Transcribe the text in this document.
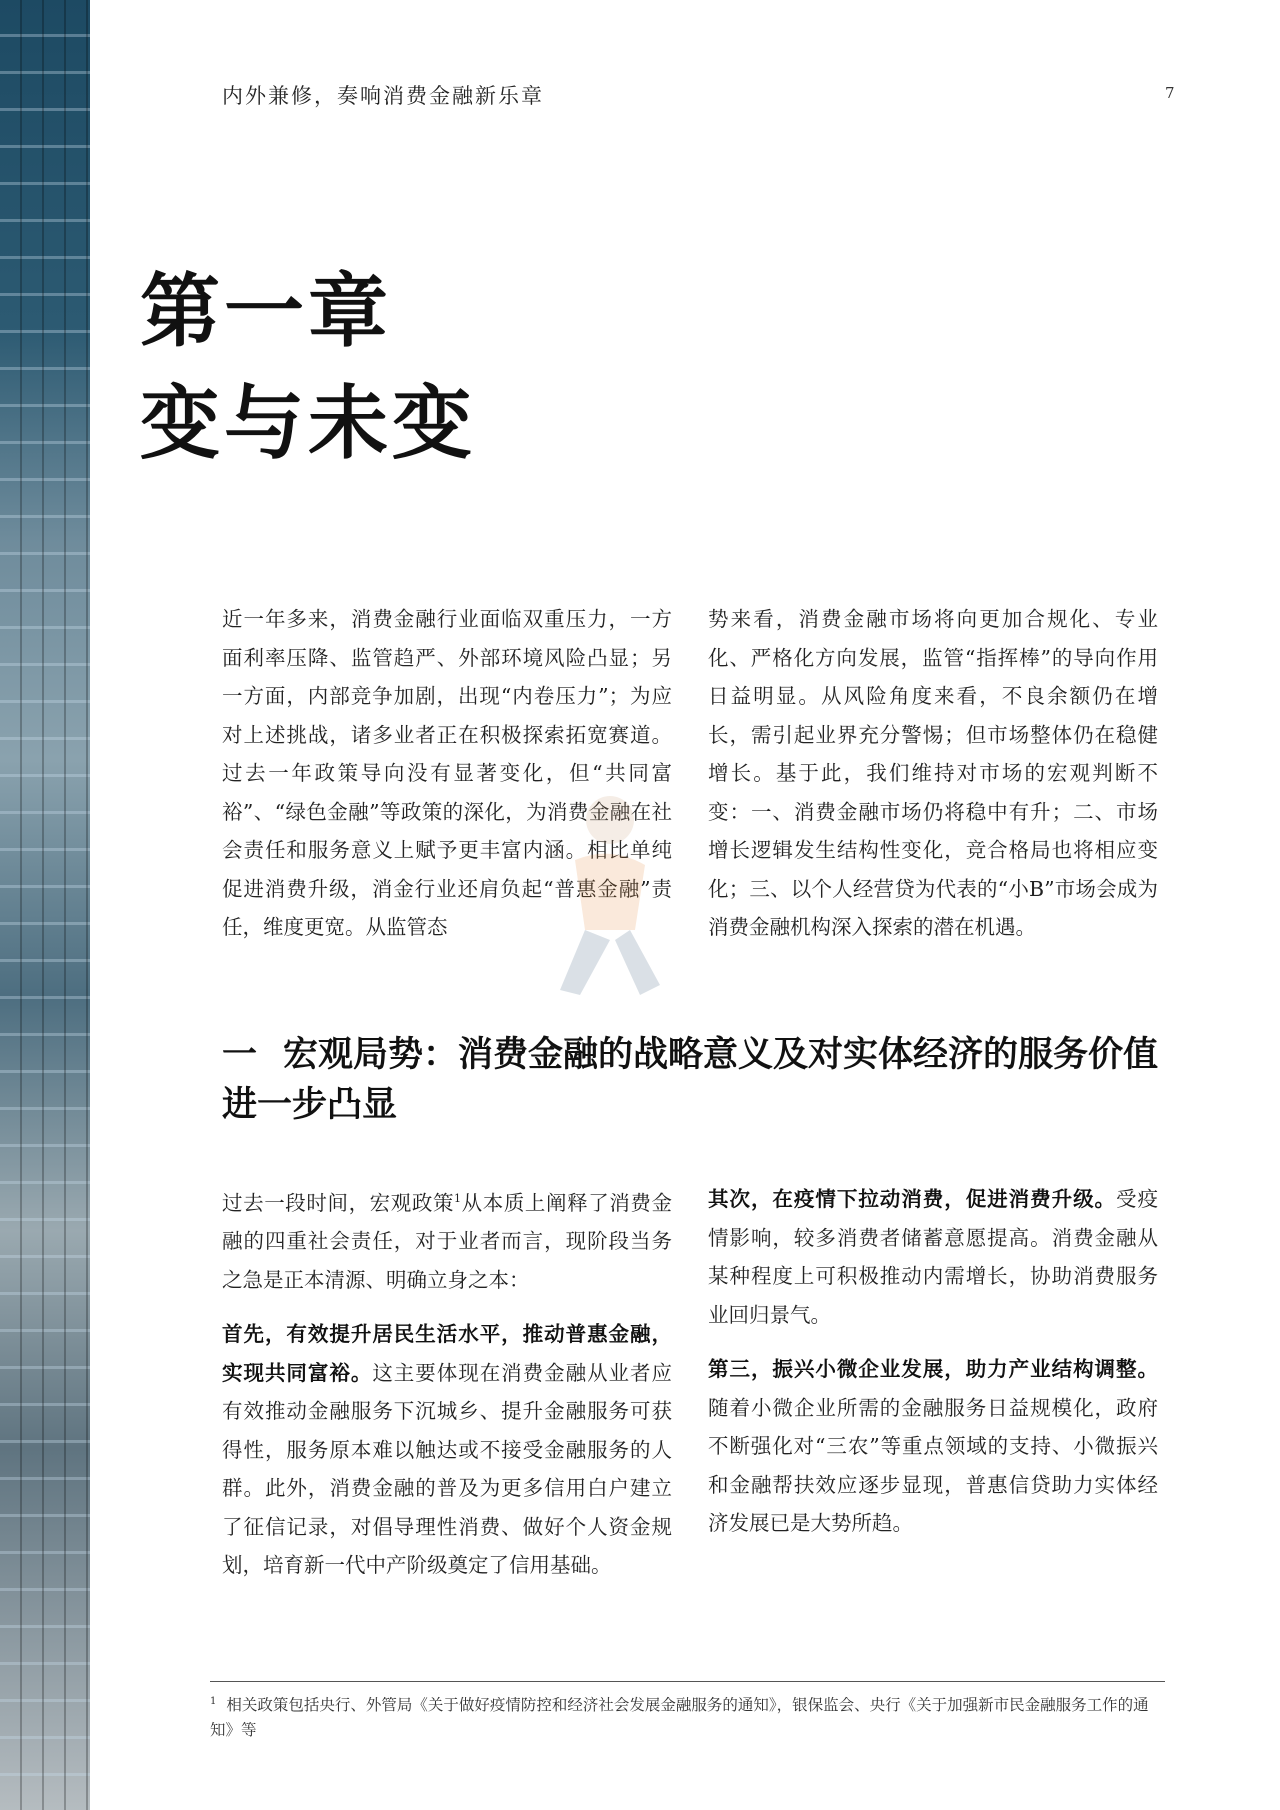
内外兼修，奏响消费金融新乐章	7
第一章
变与未变

近一年多来，消费金融行业面临双重压力，一方面利率压降、监管趋严、外部环境风险凸显；另一方面，内部竞争加剧，出现“内卷压力”；为应对上述挑战，诸多业者正在积极探索拓宽赛道。过去一年政策导向没有显著变化，但“共同富裕”、“绿色金融”等政策的深化，为消费金融在社会责任和服务意义上赋予更丰富内涵。相比单纯促进消费升级，消金行业还肩负起“普惠金融”责任，维度更宽。从监管态

势来看，消费金融市场将向更加合规化、专业化、严格化方向发展，监管“指挥棒”的导向作用日益明显。从风险角度来看，不良余额仍在增长，需引起业界充分警惕；但市场整体仍在稳健增长。基于此，我们维持对市场的宏观判断不变：一、消费金融市场仍将稳中有升；二、市场增长逻辑发生结构性变化，竞合格局也将相应变化；三、以个人经营贷为代表的“小B”市场会成为消费金融机构深入探索的潜在机遇。

一 宏观局势：消费金融的战略意义及对实体经济的服务价值进一步凸显

过去一段时间，宏观政策$^1$从本质上阐释了消费金融的四重社会责任，对于业者而言，现阶段当务之急是正本清源、明确立身之本：

首先，有效提升居民生活水平，推动普惠金融，实现共同富裕。这主要体现在消费金融从业者应有效推动金融服务下沉城乡、提升金融服务可获得性，服务原本难以触达或不接受金融服务的人群。此外，消费金融的普及为更多信用白户建立了征信记录，对倡导理性消费、做好个人资金规划，培育新一代中产阶级奠定了信用基础。

其次，在疫情下拉动消费，促进消费升级。受疫情影响，较多消费者储蓄意愿提高。消费金融从某种程度上可积极推动内需增长，协助消费服务业回归景气。

第三，振兴小微企业发展，助力产业结构调整。随着小微企业所需的金融服务日益规模化，政府不断强化对“三农”等重点领域的支持、小微振兴和金融帮扶效应逐步显现，普惠信贷助力实体经济发展已是大势所趋。

$^1$ 相关政策包括央行、外管局《关于做好疫情防控和经济社会发展金融服务的通知》，银保监会、央行《关于加强新市民金融服务工作的通知》等
